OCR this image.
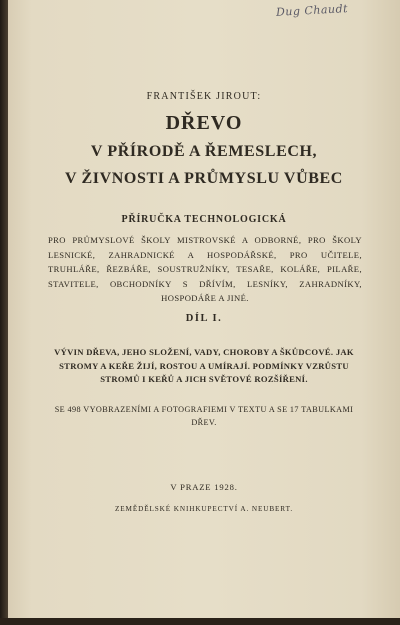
Dug Chaudt
FRANTIŠEK JIROUT:
DŘEVO
V PŘÍRODĚ A ŘEMESLECH,
V ŽIVNOSTI A PRŮMYSLU VŮBEC
PŘÍRUČKA TECHNOLOGICKÁ
PRO PRŮMYSLOVÉ ŠKOLY MISTROVSKÉ A ODBORNÉ, PRO ŠKOLY LESNICKÉ, ZAHRADNICKÉ A HOSPODÁŘSKÉ, PRO UČITELE, TRUHLÁŘE, ŘEZBÁŘE, SOUSTRUŽNÍKY, TESAŘE, KOLÁŘE, PILAŘE, STAVITELE, OBCHODNÍKY S DŘÍVÍM, LESNÍKY, ZAHRADNÍKY, HOSPODÁŘE A JINÉ.
DÍL I.
VÝVIN DŘEVA, JEHO SLOŽENÍ, VADY, CHOROBY A ŠKŮDCOVÉ. JAK STROMY A KEŘE ŽIJÍ, ROSTOU A UMÍRAJÍ. PODMÍNKY VZRŮSTU STROMŮ I KEŘŮ A JICH SVĚTOVÉ ROZŠÍŘENÍ.
SE 498 VYOBRAZENÍMI A FOTOGRAFIEMI V TEXTU A SE 17 TABULKAMI DŘEV.
V PRAZE 1928.
ZEMĚDĚLSKÉ KNIHKUPECTVÍ A. NEUBERT.
